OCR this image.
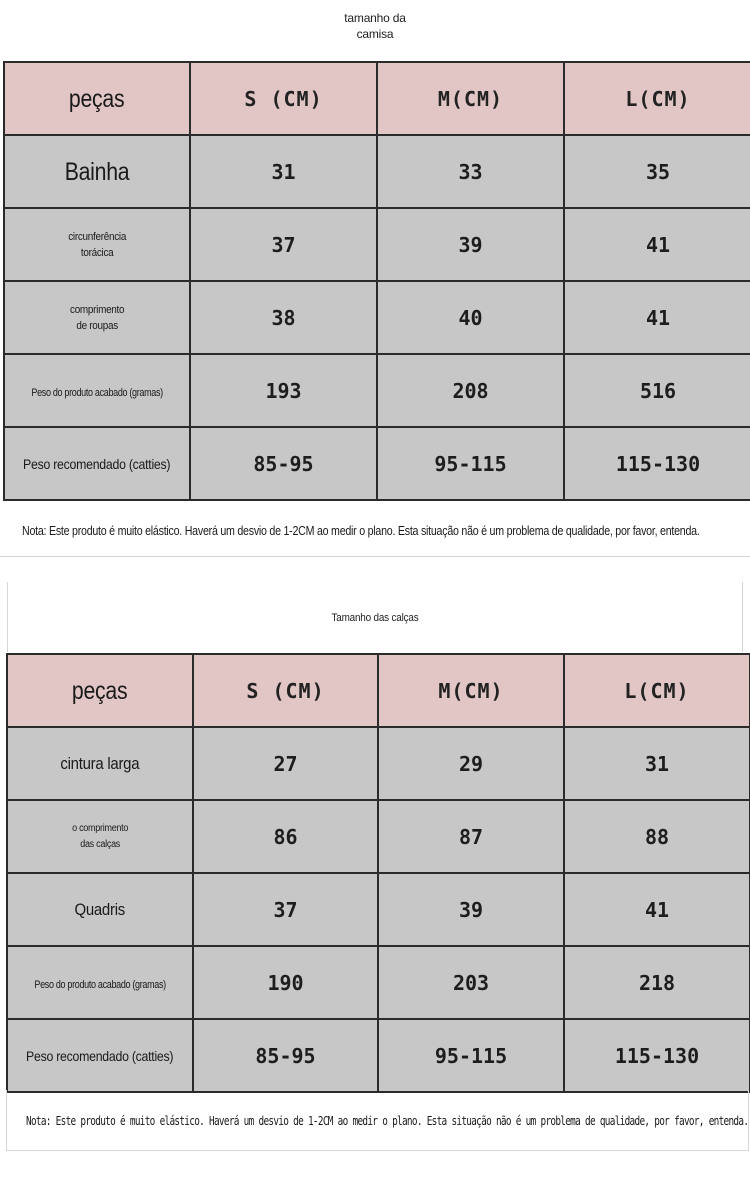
tamanho da
camisa
peças	S (CM)	M(CM)	L(CM)
Bainha	31	33	35
circunferência
torácica	37	39	41
comprimento
de roupas	38	40	41
Peso do produto acabado (gramas)	193	208	516
Peso recomendado (catties)	85-95	95-115	115-130
Nota: Este produto é muito elástico. Haverá um desvio de 1-2CM ao medir o plano. Esta situação não é um problema de qualidade, por favor, entenda.
Tamanho das calças
peças	S (CM)	M(CM)	L(CM)
cintura larga	27	29	31
o comprimento
das calças	86	87	88
Quadris	37	39	41
Peso do produto acabado (gramas)	190	203	218
Peso recomendado (catties)	85-95	95-115	115-130
Nota: Este produto é muito elástico. Haverá um desvio de 1-2CM ao medir o plano. Esta situação não é um problema de qualidade, por favor, entenda.
